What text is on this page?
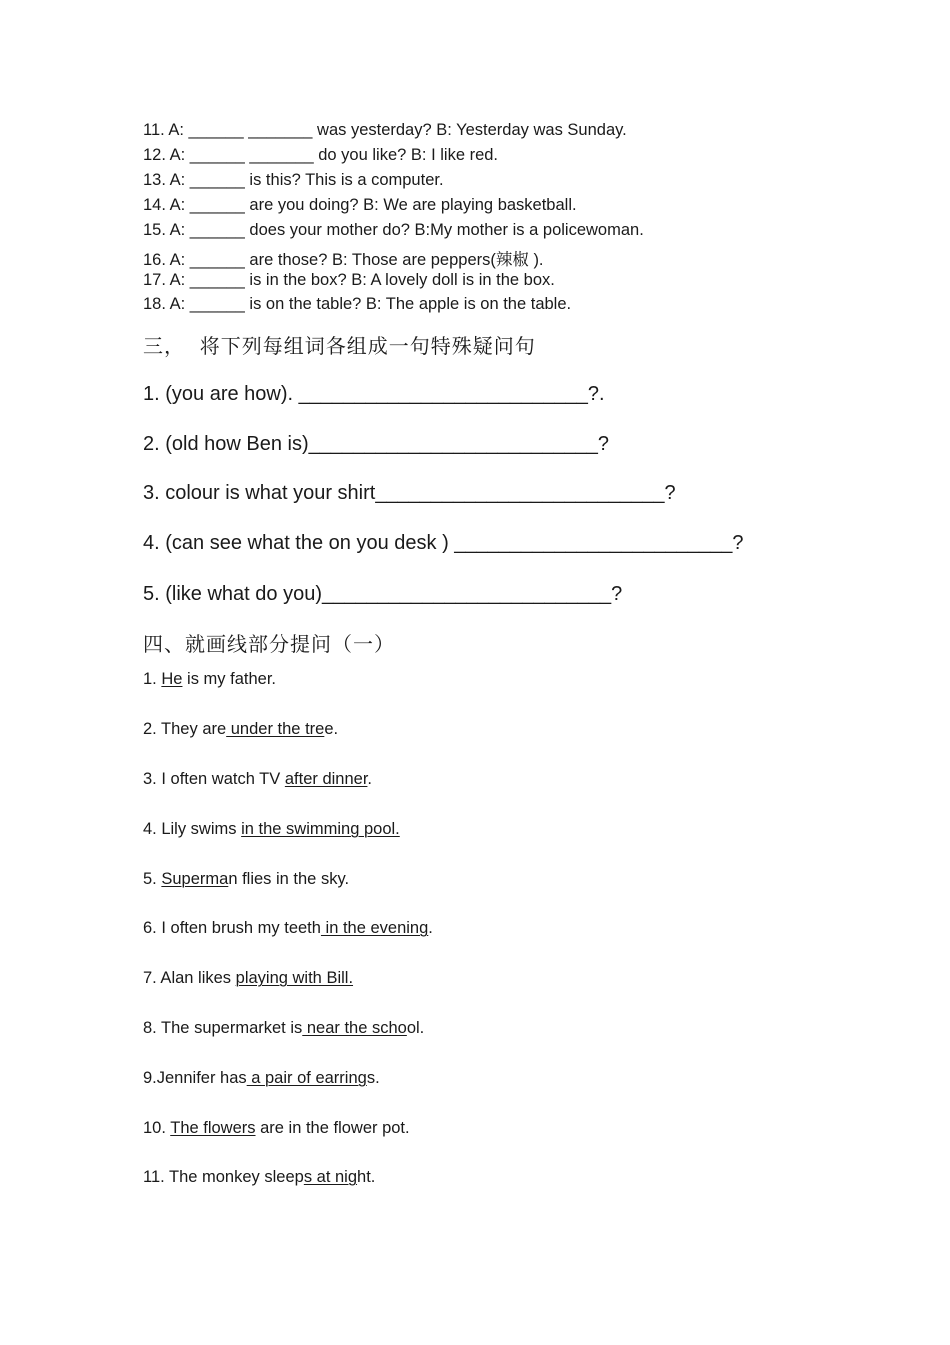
11. A: ______ _______ was yesterday? B: Yesterday was Sunday.
12. A: ______ _______ do you like? B: I like red.
13. A: ______ is this? This is a computer.
14. A: ______ are you doing? B: We are playing basketball.
15. A: ______ does your mother do? B:My mother is a policewoman.
16. A: ______ are those? B: Those are peppers(辣椒 ).
17. A: ______ is in the box? B: A lovely doll is in the box.
18. A: ______ is on the table? B: The apple is on the table.
三，  将下列每组词各组成一句特殊疑问句
1. (you are how). __________________________?.
2. (old how Ben is)__________________________?
3. colour is what your shirt__________________________?
4. (can see what the on you desk ) _________________________?
5. (like what do you)__________________________?
四、就画线部分提问（一）
1. He is my father.
2. They are under the tree.
3. I often watch TV after dinner.
4. Lily swims in the swimming pool.
5. Superman flies in the sky.
6. I often brush my teeth in the evening.
7. Alan likes playing with Bill.
8. The supermarket is near the school.
9.Jennifer has a pair of earrings.
10. The flowers are in the flower pot.
11. The monkey sleeps at night.
